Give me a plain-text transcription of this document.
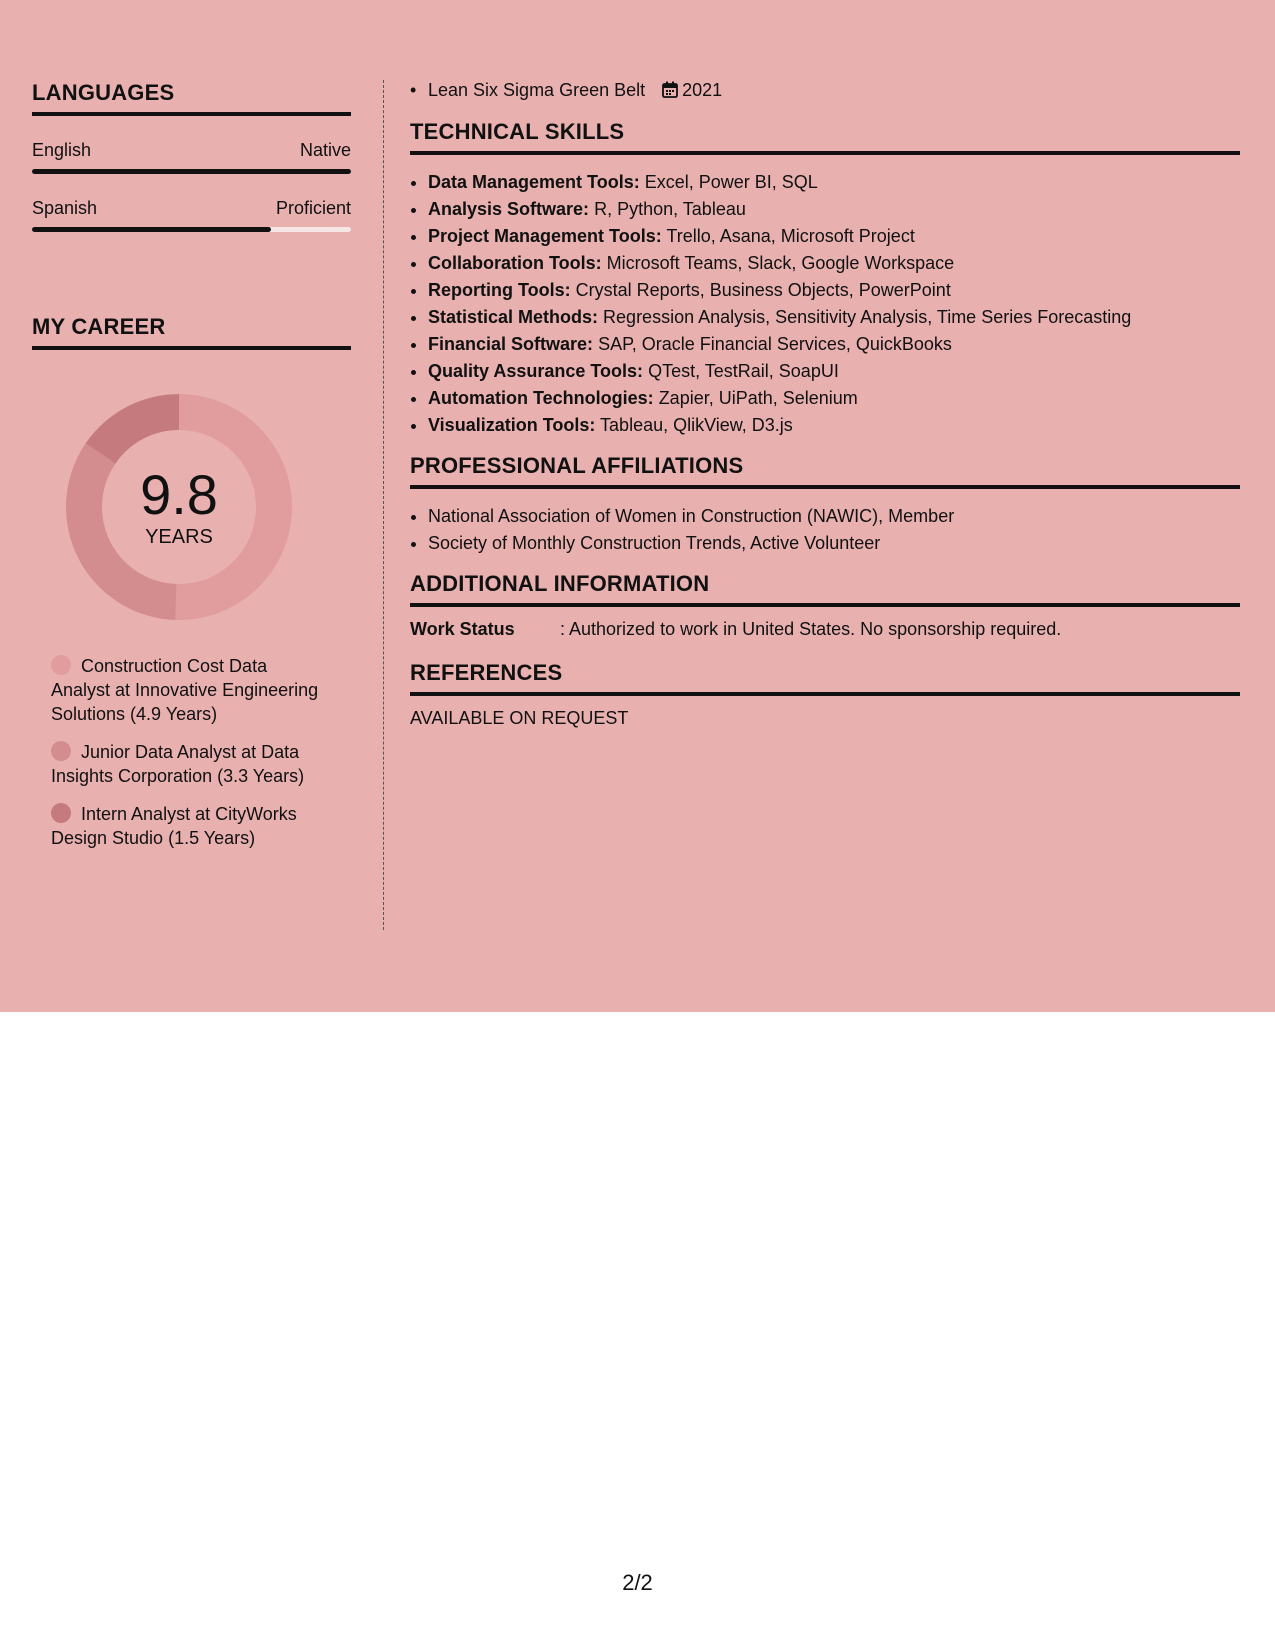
LANGUAGES
English	Native
Spanish	Proficient
MY CAREER
9.8
YEARS
Construction Cost Data Analyst at Innovative Engineering Solutions (4.9 Years)
Junior Data Analyst at Data Insights Corporation (3.3 Years)
Intern Analyst at CityWorks Design Studio (1.5 Years)
• Lean Six Sigma Green Belt 2021
TECHNICAL SKILLS
• Data Management Tools: Excel, Power BI, SQL
• Analysis Software: R, Python, Tableau
• Project Management Tools: Trello, Asana, Microsoft Project
• Collaboration Tools: Microsoft Teams, Slack, Google Workspace
• Reporting Tools: Crystal Reports, Business Objects, PowerPoint
• Statistical Methods: Regression Analysis, Sensitivity Analysis, Time Series Forecasting
• Financial Software: SAP, Oracle Financial Services, QuickBooks
• Quality Assurance Tools: QTest, TestRail, SoapUI
• Automation Technologies: Zapier, UiPath, Selenium
• Visualization Tools: Tableau, QlikView, D3.js
PROFESSIONAL AFFILIATIONS
• National Association of Women in Construction (NAWIC), Member
• Society of Monthly Construction Trends, Active Volunteer
ADDITIONAL INFORMATION
Work Status	: Authorized to work in United States. No sponsorship required.
REFERENCES
AVAILABLE ON REQUEST
2/2
